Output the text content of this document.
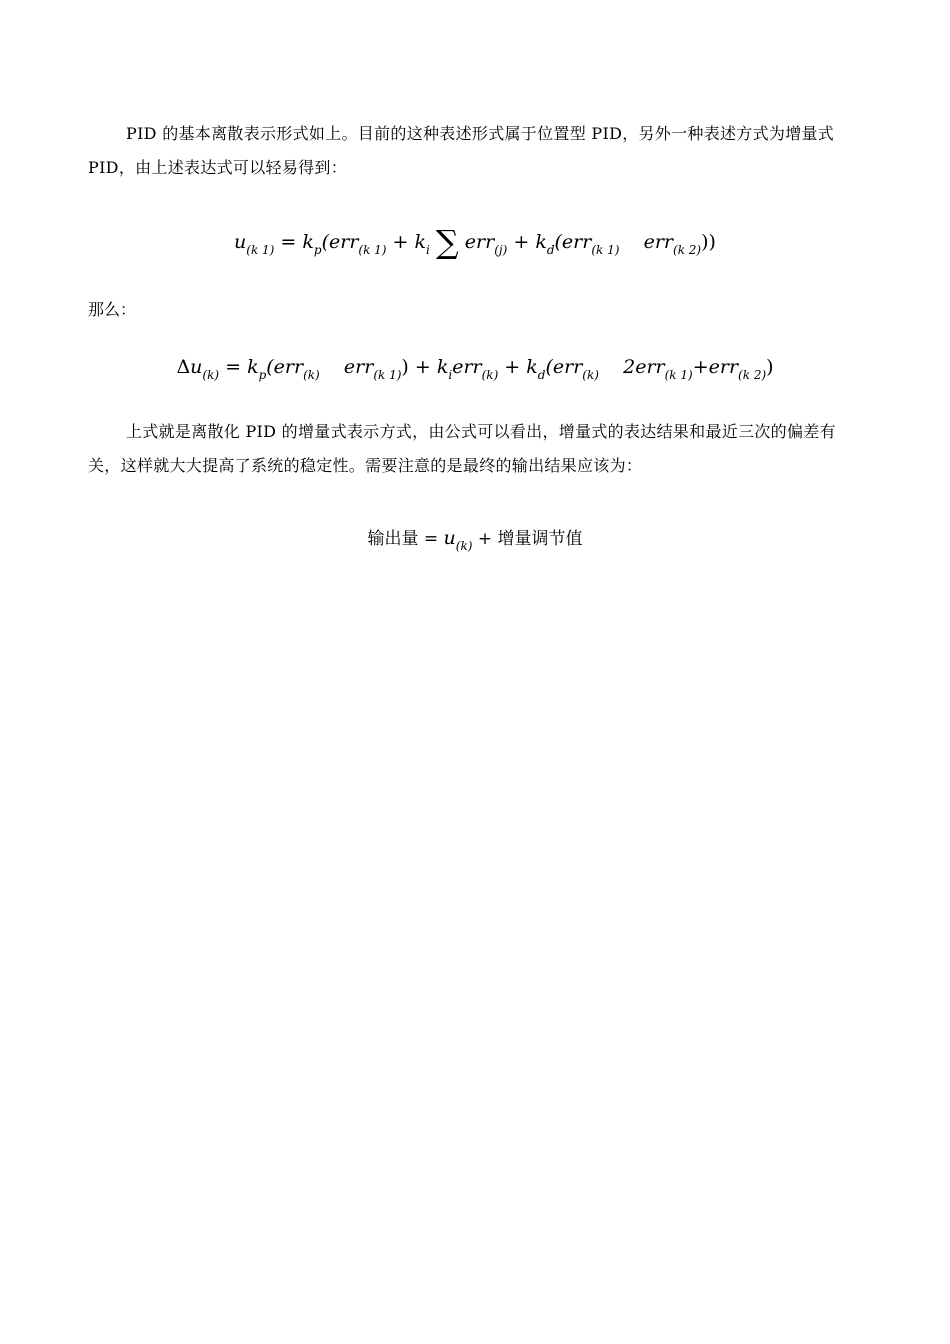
PID 的基本离散表示形式如上。目前的这种表述形式属于位置型 PID，另外一种表述方式为增量式 PID，由上述表达式可以轻易得到：

$u_{(k 1)} = k_p(err_{(k 1)} + k_i$ ∑ $err_{(j)} + k_d(err_{(k 1)}$ err$_{(k 2)}$))

那么：

$\Delta u_{(k)} = k_p(err_{(k)}$ $err_{(k 1)}) + k_ierr_{(k)} + k_d(err_{(k)}$ 2err$_{(k 1)}$+err$_{(k 2)}$)

上式就是离散化 PID 的增量式表示方式，由公式可以看出，增量式的表达结果和最近三次的偏差有关，这样就大大提高了系统的稳定性。需要注意的是最终的输出结果应该为：

输出量 = $u_{(k)}$ + 增量调节值
